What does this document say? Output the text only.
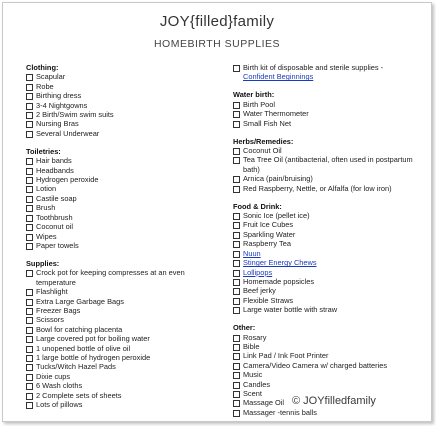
JOY{filled}family
HOMEBIRTH SUPPLIES
Clothing:
Scapular
Robe
Birthing dress
3-4 Nightgowns
2 Birth/Swim swim suits
Nursing Bras
Several Underwear
Toiletries:
Hair bands
Headbands
Hydrogen peroxide
Lotion
Castile soap
Brush
Toothbrush
Coconut oil
Wipes
Paper towels
Supplies:
Crock pot for keeping compresses at an even temperature
Flashlight
Extra Large Garbage Bags
Freezer Bags
Scissors
Bowl for catching placenta
Large covered pot for boiling water
1 unopened bottle of olive oil
1 large bottle of hydrogen peroxide
Tucks/Witch Hazel Pads
Dixie cups
6 Wash cloths
2 Complete sets of sheets
Lots of pillows
Birth kit of disposable and sterile supplies -
Confident Beginnings
Water birth:
Birth Pool
Water Thermometer
Small Fish Net
Herbs/Remedies:
Coconut Oil
Tea Tree Oil (antibacterial, often used in postpartum bath)
Arnica (pain/bruising)
Red Raspberry, Nettle, or Alfalfa (for low iron)
Food & Drink:
Sonic Ice (pellet ice)
Fruit Ice Cubes
Sparkling Water
Raspberry Tea
Nuun
Stinger Energy Chews
Lollipops
Homemade popsicles
Beef jerky
Flexible Straws
Large water bottle with straw
Other:
Rosary
Bible
Link Pad / Ink Foot Printer
Camera/Video Camera w/ charged batteries
Music
Candles
Scent
Massage Oil
Massager -tennis balls
© JOYfilledfamily
